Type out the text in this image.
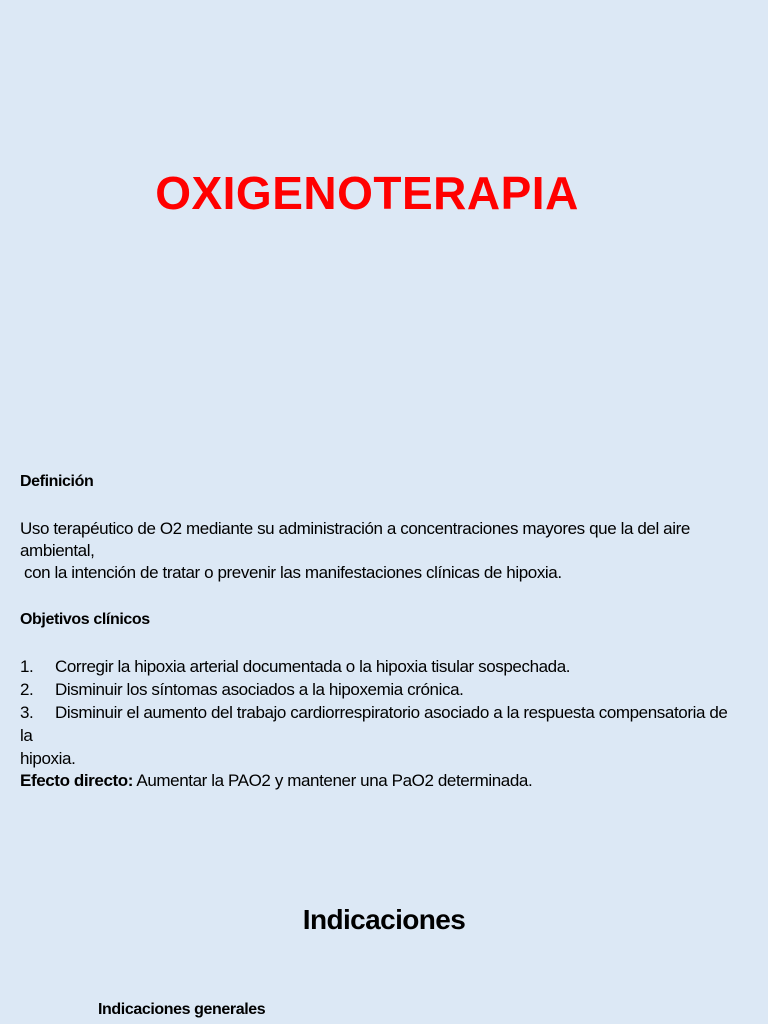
OXIGENOTERAPIA
Definición

Uso terapéutico de O2 mediante su administración a concentraciones mayores que la del aire
ambiental,
con la intención de tratar o prevenir las manifestaciones clínicas de hipoxia.

Objetivos clínicos
1. Corregir la hipoxia arterial documentada o la hipoxia tisular sospechada.
2. Disminuir los síntomas asociados a la hipoxemia crónica.
3. Disminuir el aumento del trabajo cardiorrespiratorio asociado a la respuesta compensatoria de la
hipoxia.

Efecto directo: Aumentar la PAO2 y mantener una PaO2 determinada.

Indicaciones
Indicaciones generales
